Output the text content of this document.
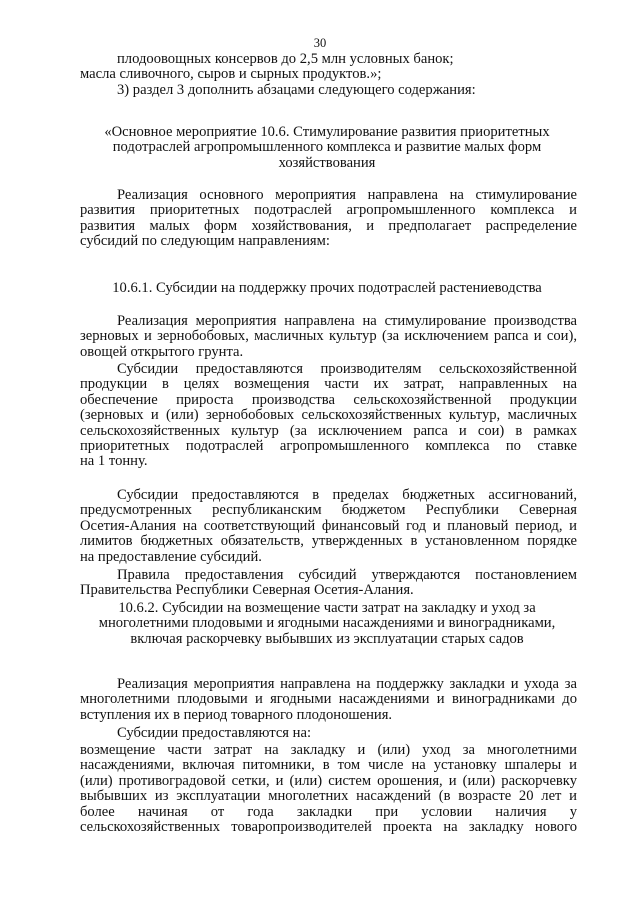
30
плодоовощных консервов до 2,5 млн условных банок;
масла сливочного, сыров и сырных продуктов.»;
3) раздел 3 дополнить абзацами следующего содержания:
«Основное мероприятие 10.6. Стимулирование развития приоритетных
подотраслей агропромышленного комплекса и развитие малых форм
хозяйствования
Реализация основного мероприятия направлена на стимулирование
развития приоритетных подотраслей агропромышленного комплекса и
развития малых форм хозяйствования, и предполагает распределение
субсидий по следующим направлениям:
10.6.1. Субсидии на поддержку прочих подотраслей растениеводства
Реализация мероприятия направлена на стимулирование производства
зерновых и зернобобовых, масличных культур (за исключением рапса и сои),
овощей открытого грунта.
Субсидии предоставляются производителям сельскохозяйственной
продукции в целях возмещения части их затрат, направленных на
обеспечение прироста производства сельскохозяйственной продукции
(зерновых и (или) зернобобовых сельскохозяйственных культур, масличных
сельскохозяйственных культур (за исключением рапса и сои) в рамках
приоритетных подотраслей агропромышленного комплекса по ставке
на 1 тонну.
Субсидии предоставляются в пределах бюджетных ассигнований,
предусмотренных республиканским бюджетом Республики Северная
Осетия-Алания на соответствующий финансовый год и плановый период, и
лимитов бюджетных обязательств, утвержденных в установленном порядке
на предоставление субсидий.
Правила предоставления субсидий утверждаются постановлением
Правительства Республики Северная Осетия-Алания.
10.6.2. Субсидии на возмещение части затрат на закладку и уход за
многолетними плодовыми и ягодными насаждениями и виноградниками,
включая раскорчевку выбывших из эксплуатации старых садов
Реализация мероприятия направлена на поддержку закладки и ухода за
многолетними плодовыми и ягодными насаждениями и виноградниками до
вступления их в период товарного плодоношения.
Субсидии предоставляются на:
возмещение части затрат на закладку и (или) уход за многолетними
насаждениями, включая питомники, в том числе на установку шпалеры и
(или) противоградовой сетки, и (или) систем орошения, и (или) раскорчевку
выбывших из эксплуатации многолетних насаждений (в возрасте 20 лет и
более начиная от года закладки при условии наличия у
сельскохозяйственных товаропроизводителей проекта на закладку нового
